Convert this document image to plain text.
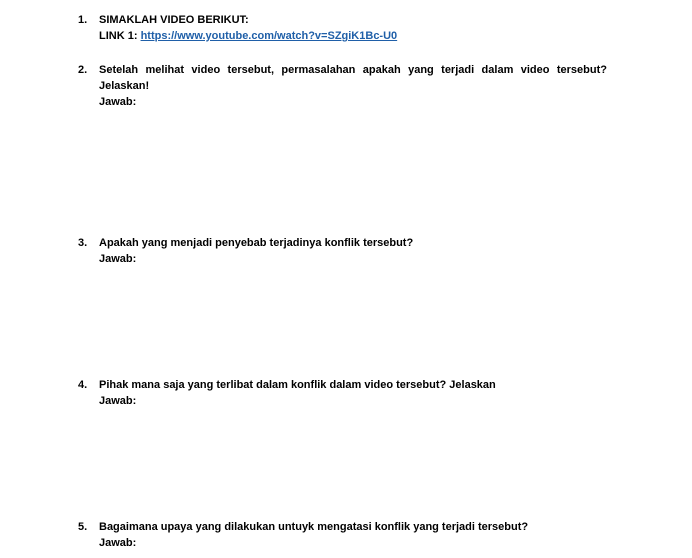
1.	SIMAKLAH VIDEO BERIKUT:
LINK 1: https://www.youtube.com/watch?v=SZgiK1Bc-U0
2.	Setelah melihat video tersebut, permasalahan apakah yang terjadi dalam video tersebut?
Jelaskan!
Jawab:
3.	Apakah yang menjadi penyebab terjadinya konflik tersebut?
Jawab:
4.	Pihak mana saja yang terlibat dalam konflik dalam video tersebut? Jelaskan
Jawab:
5.	Bagaimana upaya yang dilakukan untuyk mengatasi konflik yang terjadi tersebut?
Jawab:
